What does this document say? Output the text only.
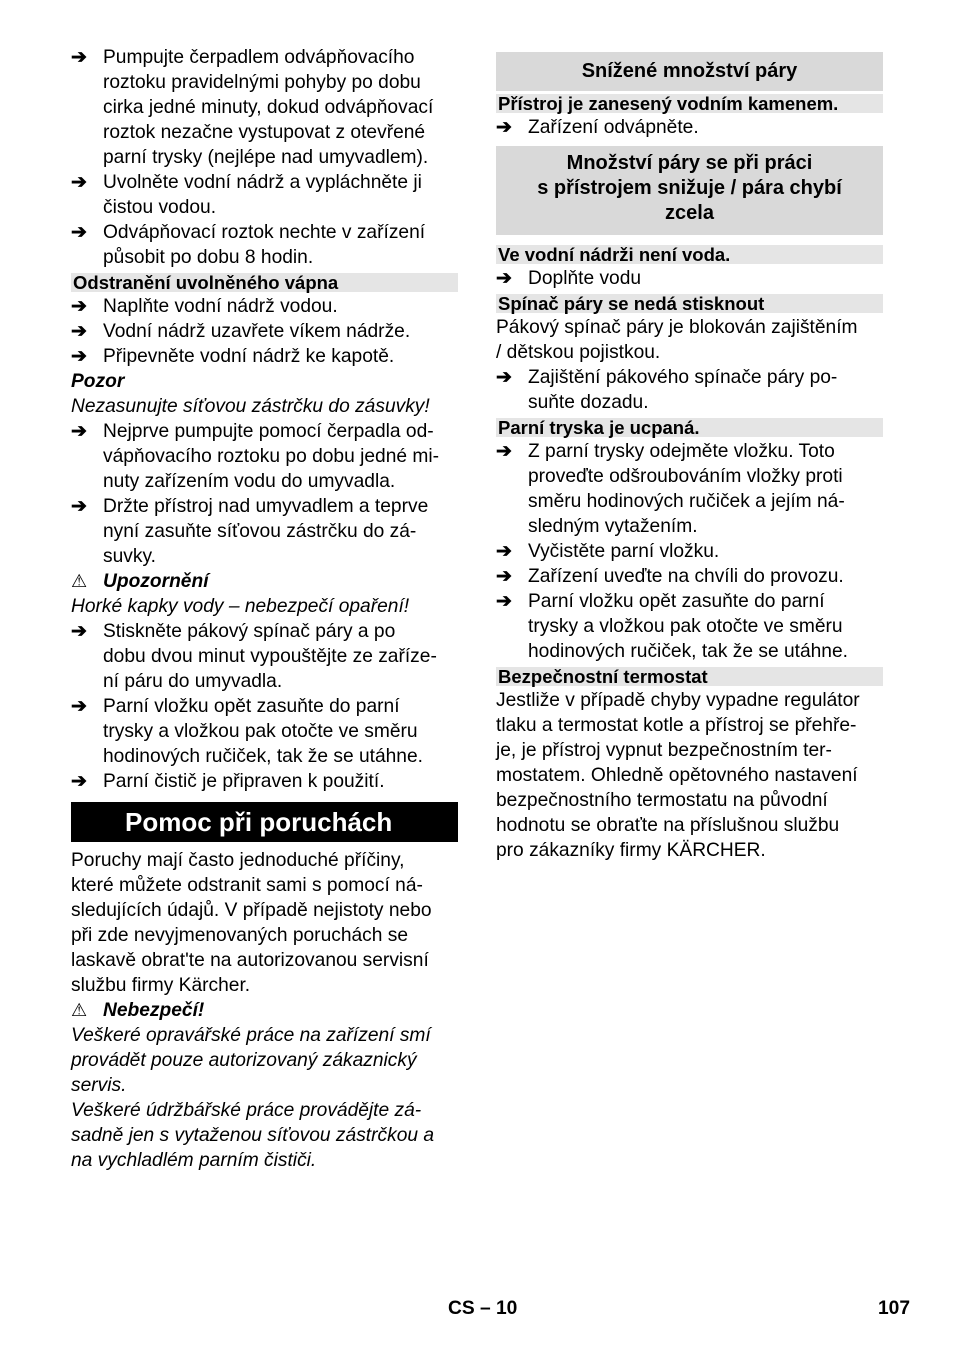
➔ Pumpujte čerpadlem odvápňovacího
roztoku pravidelnými pohyby po dobu
cirka jedné minuty, dokud odvápňovací
roztok nezačne vystupovat z otevřené
parní trysky (nejlépe nad umyvadlem).
➔ Uvolněte vodní nádrž a vypláchněte ji
čistou vodou.
➔ Odvápňovací roztok nechte v zařízení
působit po dobu 8 hodin.
Odstranění uvolněného vápna
➔ Naplňte vodní nádrž vodou.
➔ Vodní nádrž uzavřete víkem nádrže.
➔ Připevněte vodní nádrž ke kapotě.
Pozor
Nezasunujte síťovou zástrčku do zásuvky!
➔ Nejprve pumpujte pomocí čerpadla od-
vápňovacího roztoku po dobu jedné mi-
nuty zařízením vodu do umyvadla.
➔ Držte přístroj nad umyvadlem a teprve
nyní zasuňte síťovou zástrčku do zá-
suvky.
⚠ Upozornění
Horké kapky vody – nebezpečí opaření!
➔ Stiskněte pákový spínač páry a po
dobu dvou minut vypouštějte ze zaříze-
ní páru do umyvadla.
➔ Parní vložku opět zasuňte do parní
trysky a vložkou pak otočte ve směru
hodinových ručiček, tak že se utáhne.
➔ Parní čistič je připraven k použití.
Pomoc při poruchách
Poruchy mají často jednoduché příčiny,
které můžete odstranit sami s pomocí ná-
sledujících údajů. V případě nejistoty nebo
při zde nevyjmenovaných poruchách se
laskavě obrat'te na autorizovanou servisní
službu firmy Kärcher.
⚠ Nebezpečí!
Veškeré opravářské práce na zařízení smí
provádět pouze autorizovaný zákaznický
servis.
Veškeré údržbářské práce provádějte zá-
sadně jen s vytaženou síťovou zástrčkou a
na vychladlém parním čističi.
Snížené množství páry
Přístroj je zanesený vodním kamenem.
➔ Zařízení odvápněte.
Množství páry se při práci
s přístrojem snižuje / pára chybí
zcela
Ve vodní nádrži není voda.
➔ Doplňte vodu
Spínač páry se nedá stisknout
Pákový spínač páry je blokován zajištěním
/ dětskou pojistkou.
➔ Zajištění pákového spínače páry po-
suňte dozadu.
Parní tryska je ucpaná.
➔ Z parní trysky odejměte vložku. Toto
proveďte odšroubováním vložky proti
směru hodinových ručiček a jejím ná-
sledným vytažením.
➔ Vyčistěte parní vložku.
➔ Zařízení uveďte na chvíli do provozu.
➔ Parní vložku opět zasuňte do parní
trysky a vložkou pak otočte ve směru
hodinových ručiček, tak že se utáhne.
Bezpečnostní termostat
Jestliže v případě chyby vypadne regulátor
tlaku a termostat kotle a přístroj se přehře-
je, je přístroj vypnut bezpečnostním ter-
mostatem. Ohledně opětovného nastavení
bezpečnostního termostatu na původní
hodnotu se obraťte na příslušnou službu
pro zákazníky firmy KÄRCHER.
CS – 10	107
